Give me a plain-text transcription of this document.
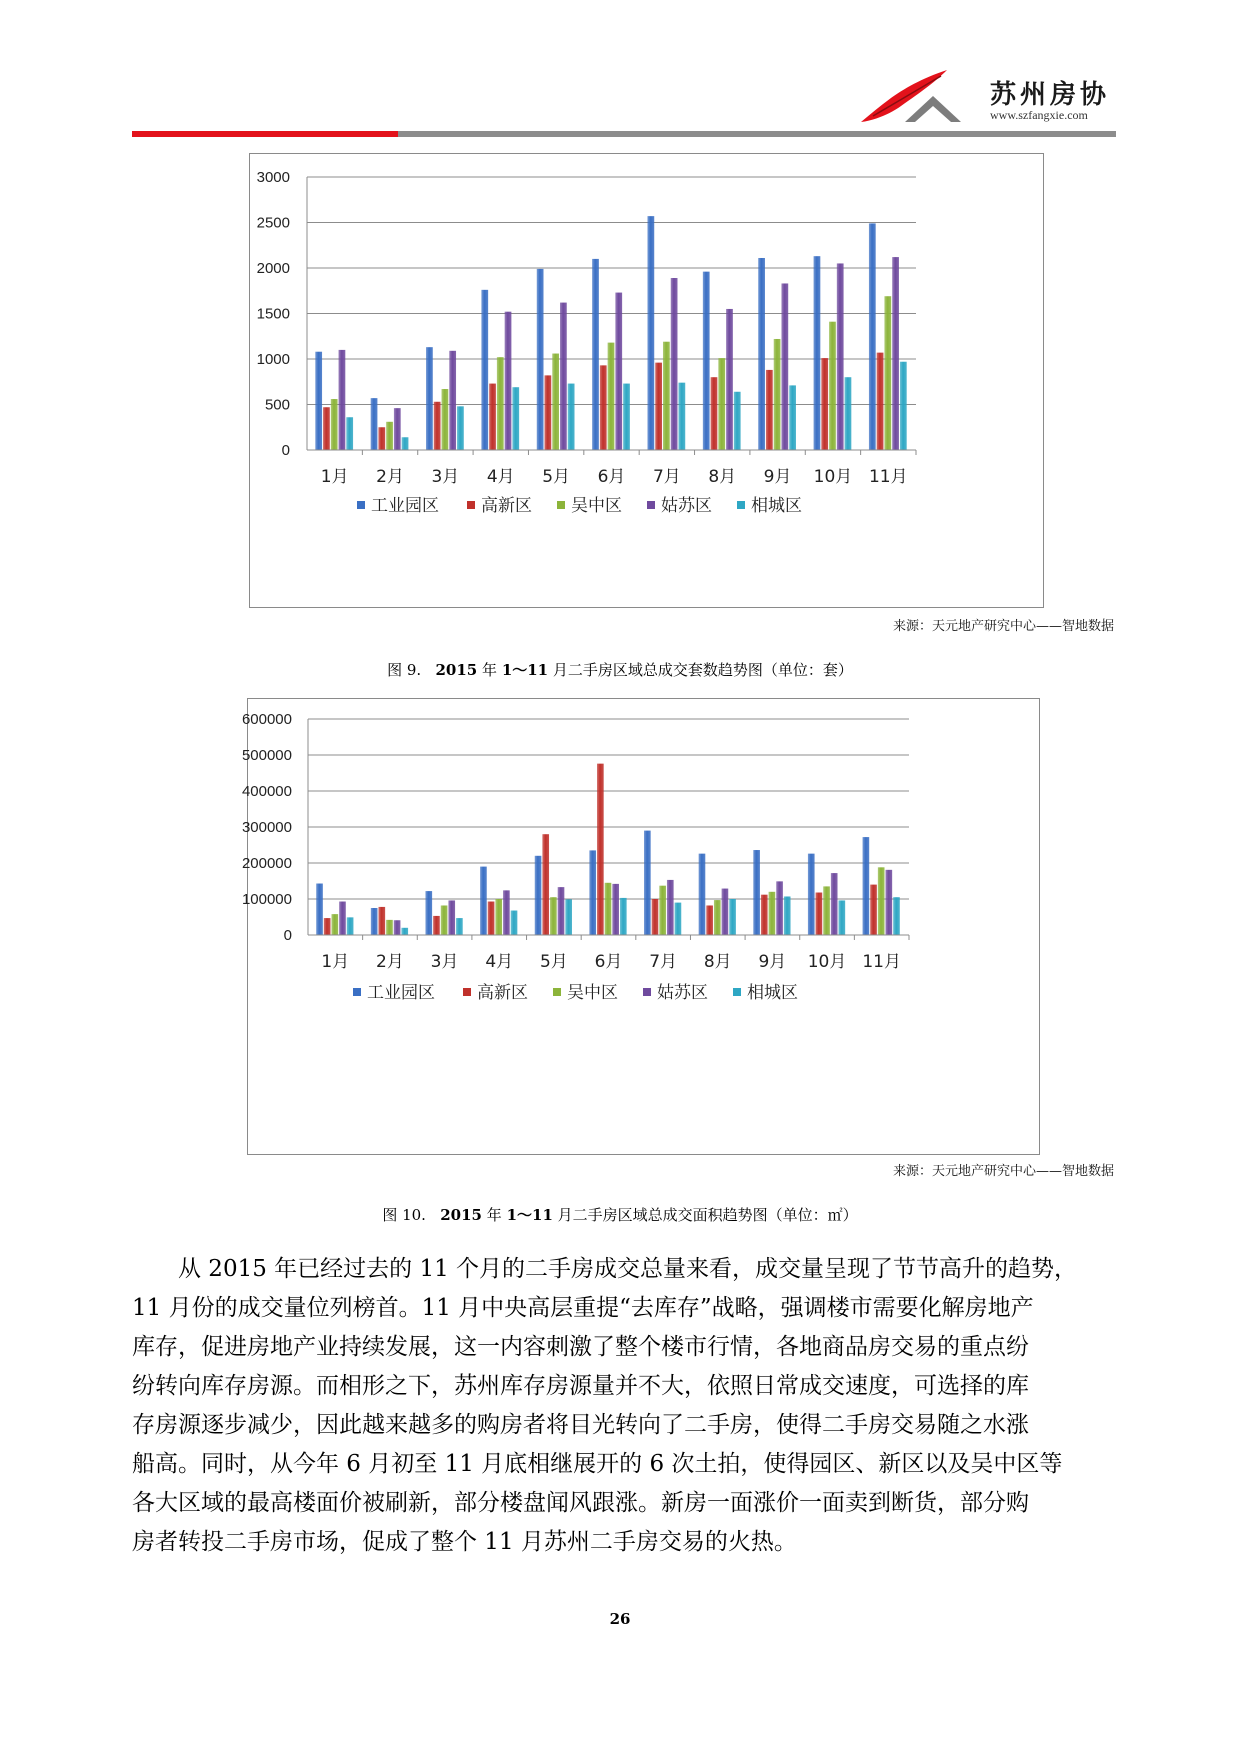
苏州房协
www.szfangxie.com
0
500
1000
1500
2000
2500
3000
1月 2月 3月 4月 5月 6月 7月 8月 9月 10月 11月
工业园区 高新区 吴中区 姑苏区 相城区
来源：天元地产研究中心——智地数据
图 9. 2015 年 1～11 月二手房区域总成交套数趋势图（单位：套）
0
100000
200000
300000
400000
500000
600000
1月 2月 3月 4月 5月 6月 7月 8月 9月 10月 11月
工业园区 高新区 吴中区 姑苏区 相城区
来源：天元地产研究中心——智地数据
图 10. 2015 年 1～11 月二手房区域总成交面积趋势图（单位：㎡）
　　从 2015 年已经过去的 11 个月的二手房成交总量来看，成交量呈现了节节高升的趋势，
11 月份的成交量位列榜首。11 月中央高层重提“去库存”战略，强调楼市需要化解房地产
库存，促进房地产业持续发展，这一内容刺激了整个楼市行情，各地商品房交易的重点纷
纷转向库存房源。而相形之下，苏州库存房源量并不大，依照日常成交速度，可选择的库
存房源逐步减少，因此越来越多的购房者将目光转向了二手房，使得二手房交易随之水涨
船高。同时，从今年 6 月初至 11 月底相继展开的 6 次土拍，使得园区、新区以及吴中区等
各大区域的最高楼面价被刷新，部分楼盘闻风跟涨。新房一面涨价一面卖到断货，部分购
房者转投二手房市场，促成了整个 11 月苏州二手房交易的火热。
26
